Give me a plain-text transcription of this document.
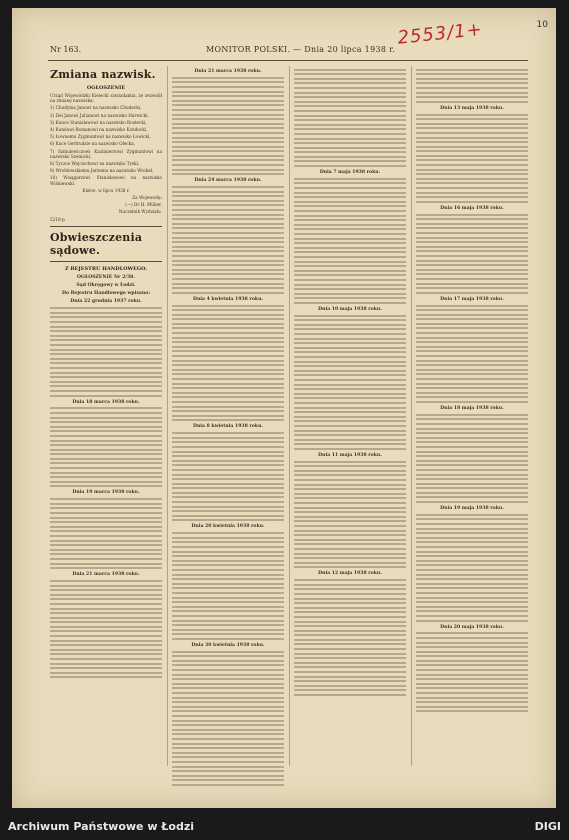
10
2553/1+
Nr 163.	MONITOR POLSKI. — Dnia 20 lipca 1938 r.
Zmiana nazwisk.
OGŁOSZENIE

Urząd Wojewódzki Kielecki zawiadamia, że zezwolił na zmianę nazwiska:

1) Chudyma Janowi na nazwisko Chudecki,

2) Dei Janowi Julianowi na nazwisko Harwicki,

3) Kunce Stanisławowi na nazwisko Rostecki,

4) Kundowi Romanowi na nazwisko Kondecki,

5) Łownemu Zygmuntowi na nazwisko Łowicki,

6) Kuce Gertrudzie na nazwisko Olecka,

7) Szmulewiczowi Kazimierzowi Zygmuntowi na nazwisko Szemicki,

8) Tyczce Wojciechowi na nazwisko Tyski,

9) Wroblewskiemu Jerzemu na nazwisko Wrobel,

10) Wsiągarzowi Stanisławowi na nazwisko Wiśniewski.

Kielce, w lipcu 1938 r.

Za Wojewodę:

(—) Dr H. Müller,

Naczelnik Wydziału.

5210-p

Obwieszczenia sądowe.
Z REJESTRU HANDLOWEGO.
OGŁOSZENIE Nr 2/38.
Sąd Okręgowy w Łodzi.
Do Rejestru Handlowego wpisano:
Dnia 22 grudnia 1937 roku.
Dnia 18 marca 1938 roku.
Dnia 19 marca 1938 roku.
Dnia 21 marca 1938 roku.
Dnia 21 marca 1938 roku.
Dnia 24 marca 1938 roku.
Dnia 4 kwietnia 1938 roku.
Dnia 8 kwietnia 1938 roku.
Dnia 20 kwietnia 1938 roku.
Dnia 30 kwietnia 1938 roku.
Dnia 7 maja 1938 roku.
Dnia 10 maja 1938 roku.
Dnia 11 maja 1938 roku.
Dnia 12 maja 1938 roku.
Dnia 13 maja 1938 roku.
Dnia 16 maja 1938 roku.
Dnia 17 maja 1938 roku.
Dnia 18 maja 1938 roku.
Dnia 19 maja 1938 roku.
Dnia 20 maja 1938 roku.
Archiwum Państwowe w Łodzi	DIGI
